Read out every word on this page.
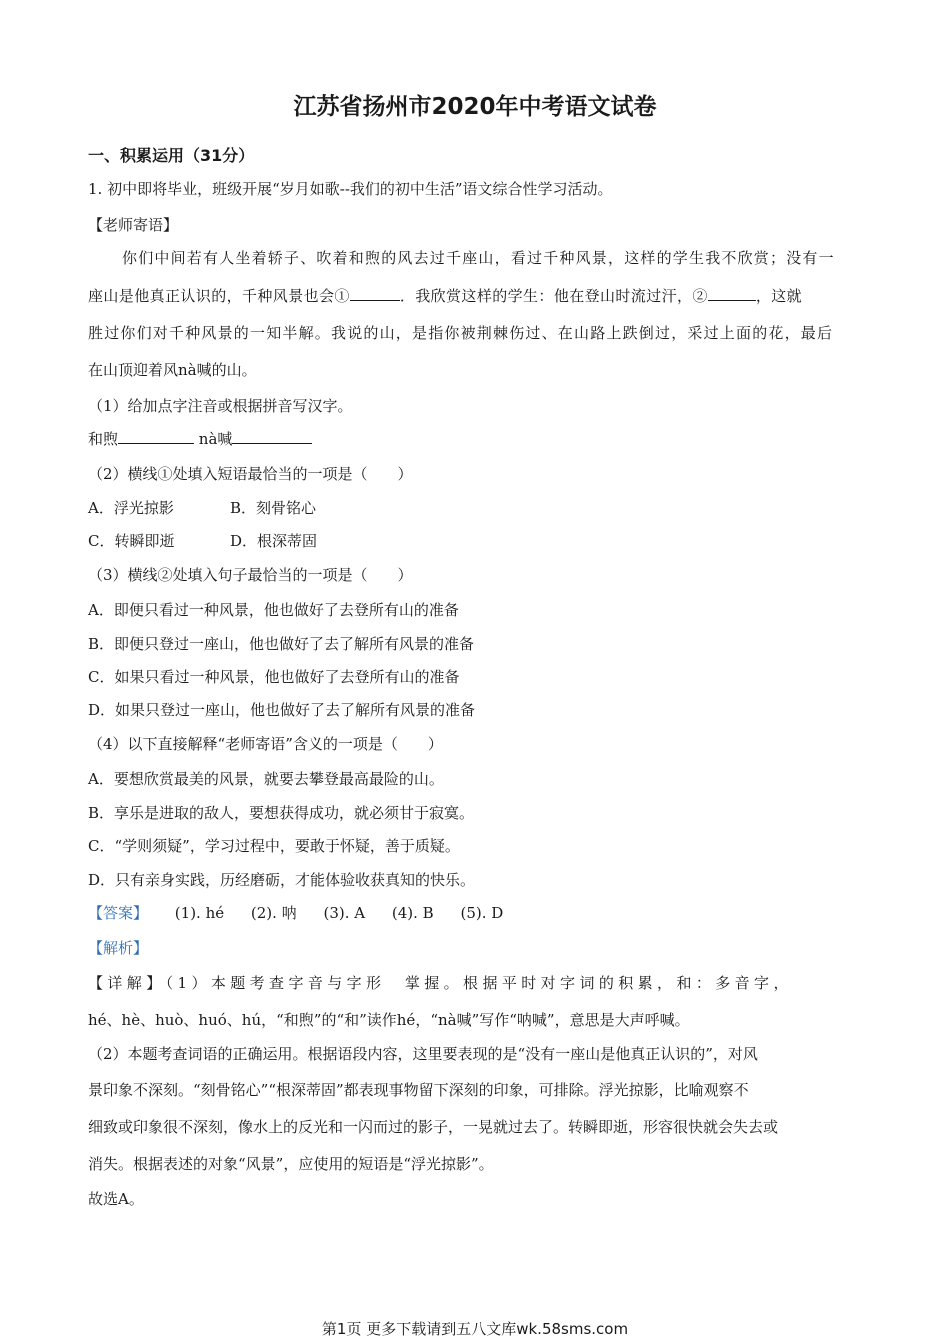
江苏省扬州市2020年中考语文试卷
一、积累运用（31分）
1. 初中即将毕业，班级开展“岁月如歌--我们的初中生活”语文综合性学习活动。
【老师寄语】
你们中间若有人坐着轿子、吹着和煦的风去过千座山，看过千种风景，这样的学生我不欣赏；没有一
座山是他真正认识的，千种风景也会①	．我欣赏这样的学生：他在登山时流过汗，②	，这就
胜过你们对千种风景的一知半解。我说的山，是指你被荆棘伤过、在山路上跌倒过，采过上面的花，最后
在山顶迎着风nà喊的山。
（1）给加点字注音或根据拼音写汉字。
和煦	nà喊
（2）横线①处填入短语最恰当的一项是（　　）
A．浮光掠影	B．刻骨铭心
C．转瞬即逝	D．根深蒂固
（3）横线②处填入句子最恰当的一项是（　　）
A．即便只看过一种风景，他也做好了去登所有山的准备
B．即便只登过一座山，他也做好了去了解所有风景的准备
C．如果只看过一种风景，他也做好了去登所有山的准备
D．如果只登过一座山，他也做好了去了解所有风景的准备
（4）以下直接解释“老师寄语”含义的一项是（　　）
A．要想欣赏最美的风景，就要去攀登最高最险的山。
B．享乐是进取的敌人，要想获得成功，就必须甘于寂寞。
C．“学则须疑”，学习过程中，要敢于怀疑，善于质疑。
D．只有亲身实践，历经磨砺，才能体验收获真知的快乐。
【答案】 (1). hé (2). 呐 (3). A (4). B (5). D
【解析】
【详解】（1）本题考查字音与字形　掌握。根据平时对字词的积累，和：多音字，
hé、hè、huò、huó、hú，“和煦”的“和”读作hé，“nà喊”写作“呐喊”，意思是大声呼喊。
（2）本题考查词语的正确运用。根据语段内容，这里要表现的是“没有一座山是他真正认识的”，对风
景印象不深刻。“刻骨铭心”“根深蒂固”都表现事物留下深刻的印象，可排除。浮光掠影，比喻观察不
细致或印象很不深刻，像水上的反光和一闪而过的影子，一晃就过去了。转瞬即逝，形容很快就会失去或
消失。根据表述的对象“风景”，应使用的短语是“浮光掠影”。
故选A。
第1页 更多下载请到五八文库wk.58sms.com
